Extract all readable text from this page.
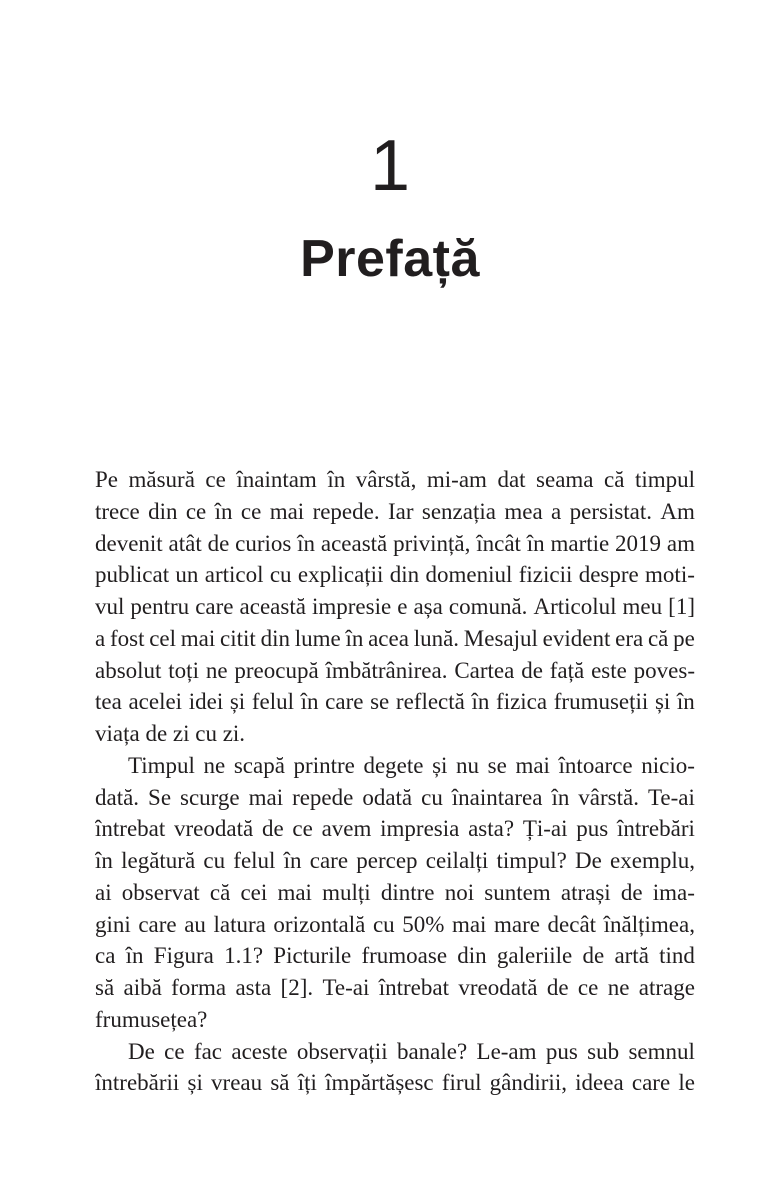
1
Prefață
Pe măsură ce înaintam în vârstă, mi-am dat seama că timpul
trece din ce în ce mai repede. Iar senzația mea a persistat. Am
devenit atât de curios în această privință, încât în martie 2019 am
publicat un articol cu explicații din domeniul fizicii despre moti-
vul pentru care această impresie e așa comună. Articolul meu [1]
a fost cel mai citit din lume în acea lună. Mesajul evident era că pe
absolut toți ne preocupă îmbătrânirea. Cartea de față este poves-
tea acelei idei și felul în care se reflectă în fizica frumuseții și în
viața de zi cu zi.
Timpul ne scapă printre degete și nu se mai întoarce nicio-
dată. Se scurge mai repede odată cu înaintarea în vârstă. Te-ai
întrebat vreodată de ce avem impresia asta? Ți-ai pus întrebări
în legătură cu felul în care percep ceilalți timpul? De exemplu,
ai observat că cei mai mulți dintre noi suntem atrași de ima-
gini care au latura orizontală cu 50% mai mare decât înălțimea,
ca în Figura 1.1? Picturile frumoase din galeriile de artă tind
să aibă forma asta [2]. Te-ai întrebat vreodată de ce ne atrage
frumusețea?
De ce fac aceste observații banale? Le-am pus sub semnul
întrebării și vreau să îți împărtășesc firul gândirii, ideea care le
